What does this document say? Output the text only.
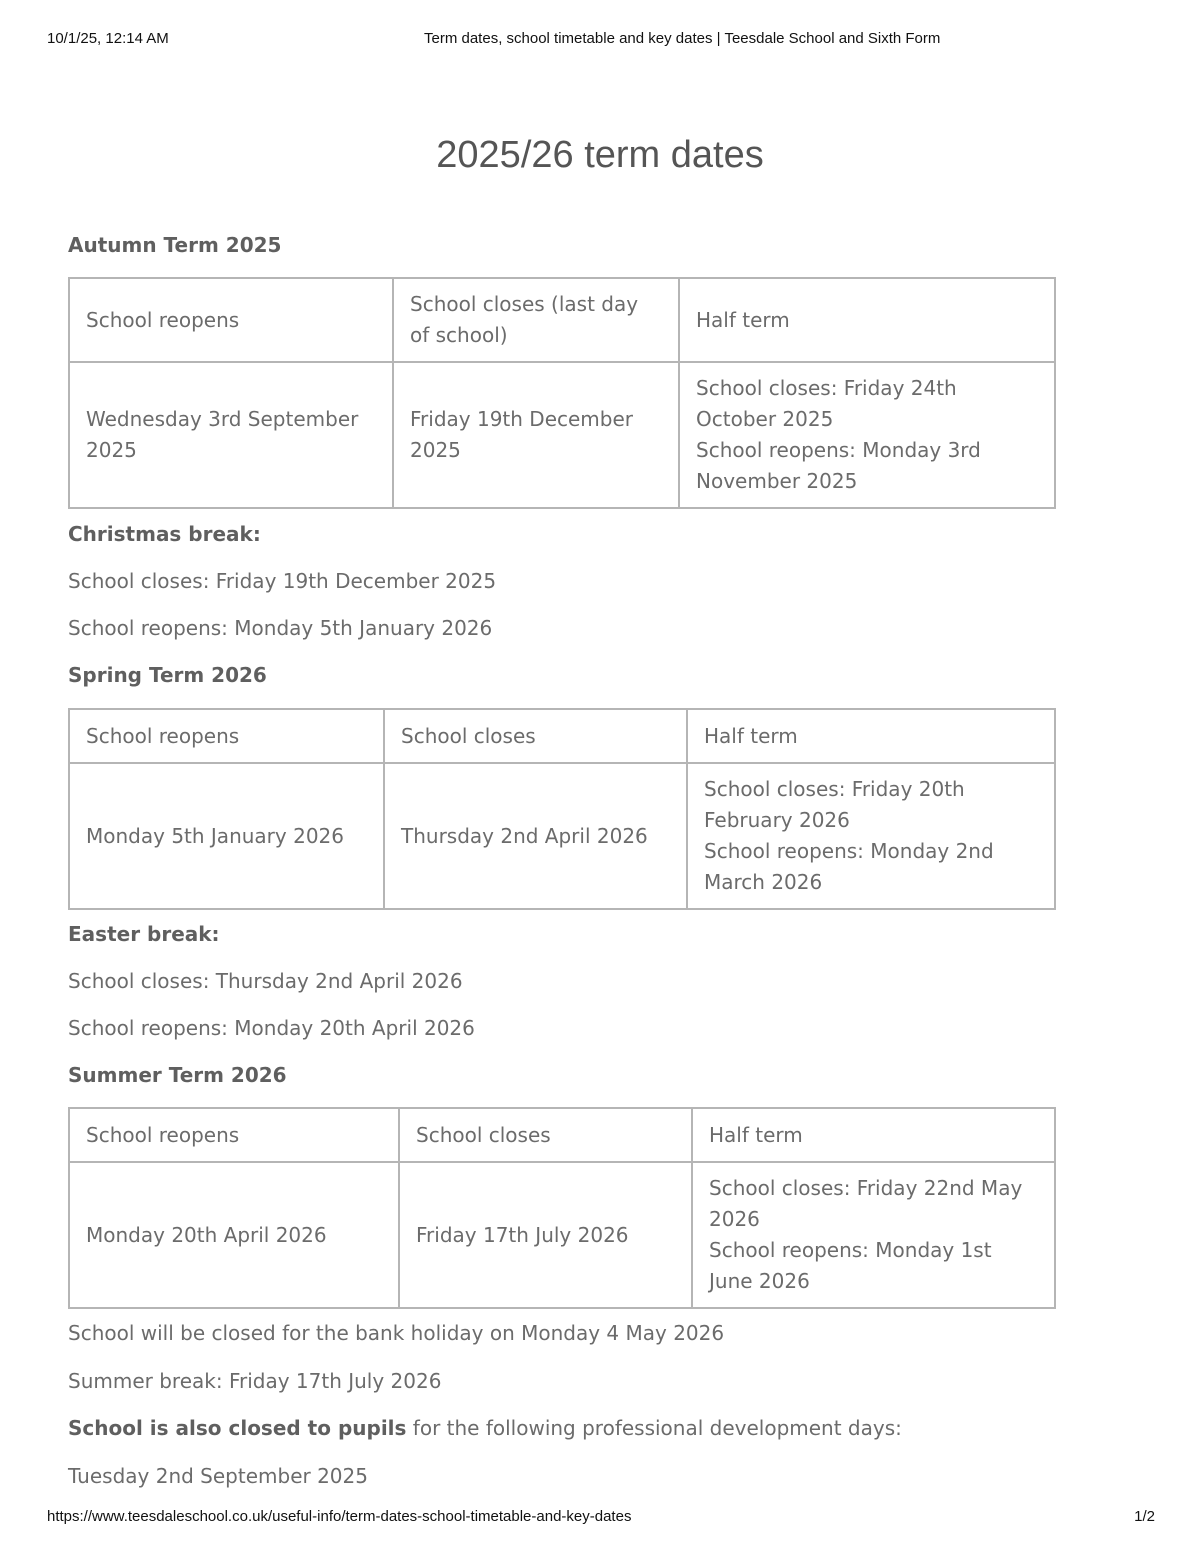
10/1/25, 12:14 AM	Term dates, school timetable and key dates | Teesdale School and Sixth Form
2025/26 term dates
Autumn Term 2025
School reopens	School closes (last day of school)	Half term
Wednesday 3rd September 2025	Friday 19th December 2025	School closes: Friday 24th October 2025
School reopens: Monday 3rd November 2025
Christmas break:

School closes: Friday 19th December 2025

School reopens: Monday 5th January 2026

Spring Term 2026
School reopens	School closes	Half term
Monday 5th January 2026	Thursday 2nd April 2026	School closes: Friday 20th February 2026
School reopens: Monday 2nd March 2026
Easter break:

School closes: Thursday 2nd April 2026

School reopens: Monday 20th April 2026

Summer Term 2026
School reopens	School closes	Half term
Monday 20th April 2026	Friday 17th July 2026	School closes: Friday 22nd May 2026
School reopens: Monday 1st June 2026

School will be closed for the bank holiday on Monday 4 May 2026

Summer break: Friday 17th July 2026

School is also closed to pupils for the following professional development days:

Tuesday 2nd September 2025

https://www.teesdaleschool.co.uk/useful-info/term-dates-school-timetable-and-key-dates	1/2
